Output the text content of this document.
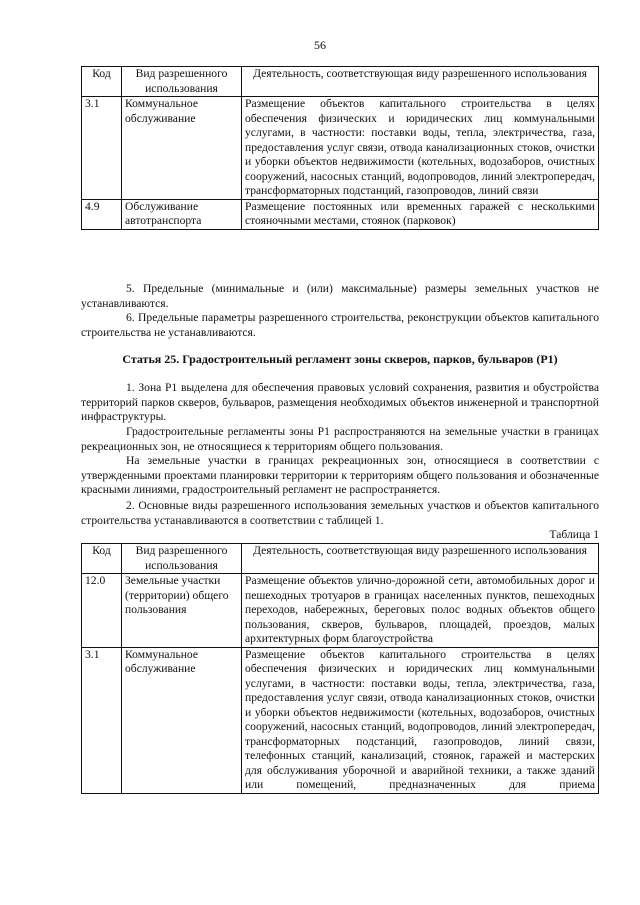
56
Код	Вид разрешенного использования	Деятельность, соответствующая виду разрешенного использования
3.1	Коммунальное обслуживание	Размещение объектов капитального строительства в целях обеспечения физических и юридических лиц коммунальными услугами, в частности: поставки воды, тепла, электричества, газа, предоставления услуг связи, отвода канализационных стоков, очистки и уборки объектов недвижимости (котельных, водозаборов, очистных сооружений, насосных станций, водопроводов, линий электропередач, трансформаторных подстанций, газопроводов, линий связи
4.9	Обслуживание автотранспорта	Размещение постоянных или временных гаражей с несколькими стояночными местами, стоянок (парковок)
5. Предельные (минимальные и (или) максимальные) размеры земельных участков не устанавливаются.
6. Предельные параметры разрешенного строительства, реконструкции объектов капитального строительства не устанавливаются.
Статья 25. Градостроительный регламент зоны скверов, парков, бульваров (Р1)
1. Зона Р1 выделена для обеспечения правовых условий сохранения, развития и обустройства территорий парков скверов, бульваров, размещения необходимых объектов инженерной и транспортной инфраструктуры.
Градостроительные регламенты зоны Р1 распространяются на земельные участки в границах рекреационных зон, не относящиеся к территориям общего пользования.
На земельные участки в границах рекреационных зон, относящиеся в соответствии с утвержденными проектами планировки территории к территориям общего пользования и обозначенные красными линиями, градостроительный регламент не распространяется.
2. Основные виды разрешенного использования земельных участков и объектов капитального строительства устанавливаются в соответствии с таблицей 1.
Таблица 1
Код	Вид разрешенного использования	Деятельность, соответствующая виду разрешенного использования
12.0	Земельные участки (территории) общего пользования	Размещение объектов улично-дорожной сети, автомобильных дорог и пешеходных тротуаров в границах населенных пунктов, пешеходных переходов, набережных, береговых полос водных объектов общего пользования, скверов, бульваров, площадей, проездов, малых архитектурных форм благоустройства
3.1	Коммунальное обслуживание	Размещение объектов капитального строительства в целях обеспечения физических и юридических лиц коммунальными услугами, в частности: поставки воды, тепла, электричества, газа, предоставления услуг связи, отвода канализационных стоков, очистки и уборки объектов недвижимости (котельных, водозаборов, очистных сооружений, насосных станций, водопроводов, линий электропередач, трансформаторных подстанций, газопроводов, линий связи, телефонных станций, канализаций, стоянок, гаражей и мастерских для обслуживания уборочной и аварийной техники, а также зданий или помещений, предназначенных для приема
